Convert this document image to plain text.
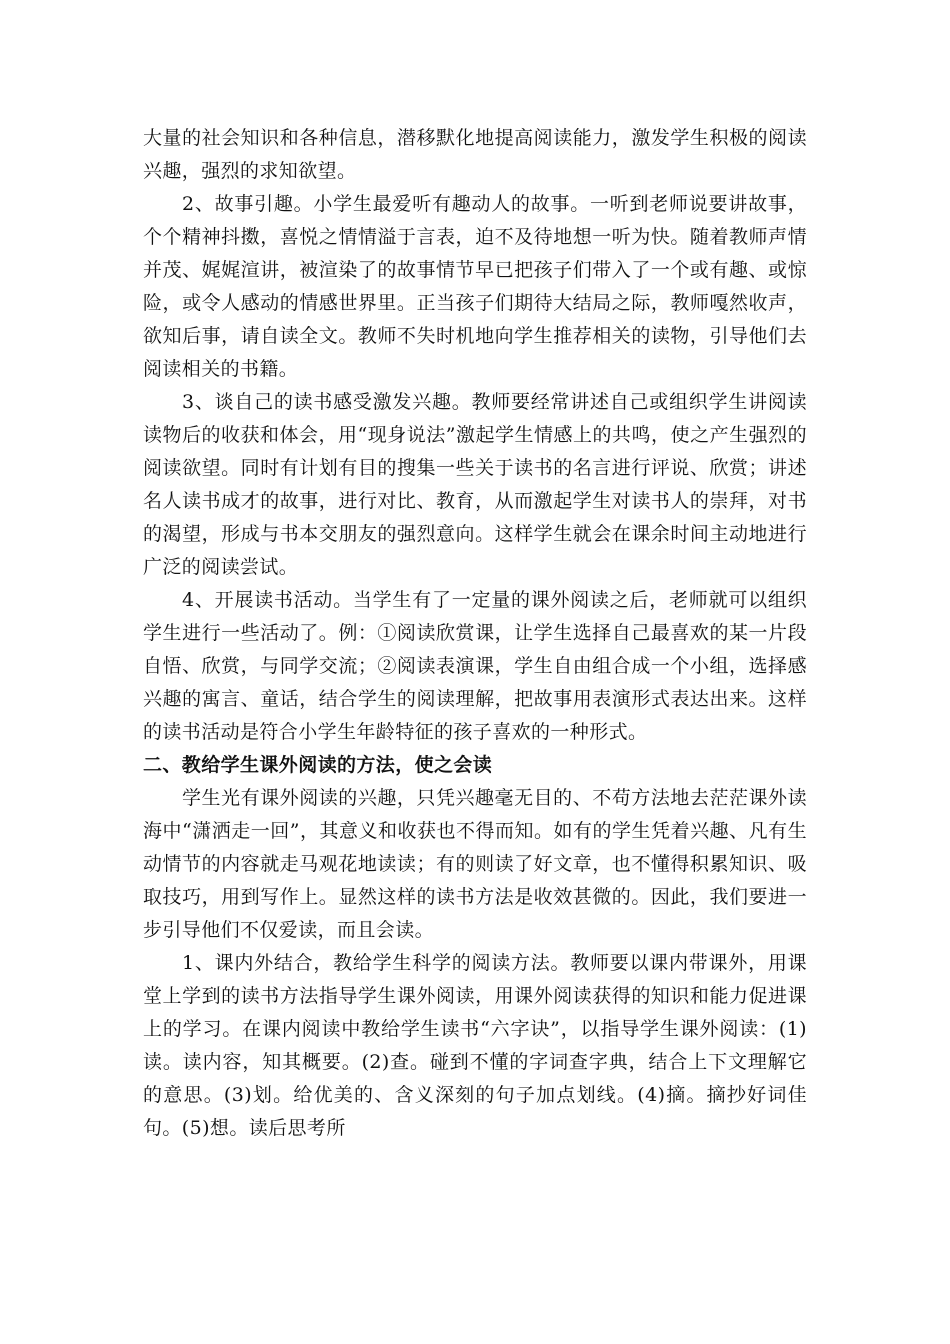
大量的社会知识和各种信息，潜移默化地提高阅读能力，激发学生积极的阅读兴趣，强烈的求知欲望。

2、故事引趣。小学生最爱听有趣动人的故事。一听到老师说要讲故事，个个精神抖擞，喜悦之情情溢于言表，迫不及待地想一听为快。随着教师声情并茂、娓娓渲讲，被渲染了的故事情节早已把孩子们带入了一个或有趣、或惊险，或令人感动的情感世界里。正当孩子们期待大结局之际，教师嘎然收声，欲知后事，请自读全文。教师不失时机地向学生推荐相关的读物，引导他们去阅读相关的书籍。

3、谈自己的读书感受激发兴趣。教师要经常讲述自己或组织学生讲阅读读物后的收获和体会，用“现身说法”激起学生情感上的共鸣，使之产生强烈的阅读欲望。同时有计划有目的搜集一些关于读书的名言进行评说、欣赏；讲述名人读书成才的故事，进行对比、教育，从而激起学生对读书人的崇拜，对书的渴望，形成与书本交朋友的强烈意向。这样学生就会在课余时间主动地进行广泛的阅读尝试。

4、开展读书活动。当学生有了一定量的课外阅读之后，老师就可以组织学生进行一些活动了。例：①阅读欣赏课，让学生选择自己最喜欢的某一片段自悟、欣赏，与同学交流；②阅读表演课，学生自由组合成一个小组，选择感兴趣的寓言、童话，结合学生的阅读理解，把故事用表演形式表达出来。这样的读书活动是符合小学生年龄特征的孩子喜欢的一种形式。

二、教给学生课外阅读的方法，使之会读

学生光有课外阅读的兴趣，只凭兴趣毫无目的、不苟方法地去茫茫课外读海中“潇洒走一回”，其意义和收获也不得而知。如有的学生凭着兴趣、凡有生动情节的内容就走马观花地读读；有的则读了好文章，也不懂得积累知识、吸取技巧，用到写作上。显然这样的读书方法是收效甚微的。因此，我们要进一步引导他们不仅爱读，而且会读。

1、课内外结合，教给学生科学的阅读方法。教师要以课内带课外，用课堂上学到的读书方法指导学生课外阅读，用课外阅读获得的知识和能力促进课上的学习。在课内阅读中教给学生读书“六字诀”，以指导学生课外阅读：(1)读。读内容，知其概要。(2)查。碰到不懂的字词查字典，结合上下文理解它的意思。(3)划。给优美的、含义深刻的句子加点划线。(4)摘。摘抄好词佳句。(5)想。读后思考所
